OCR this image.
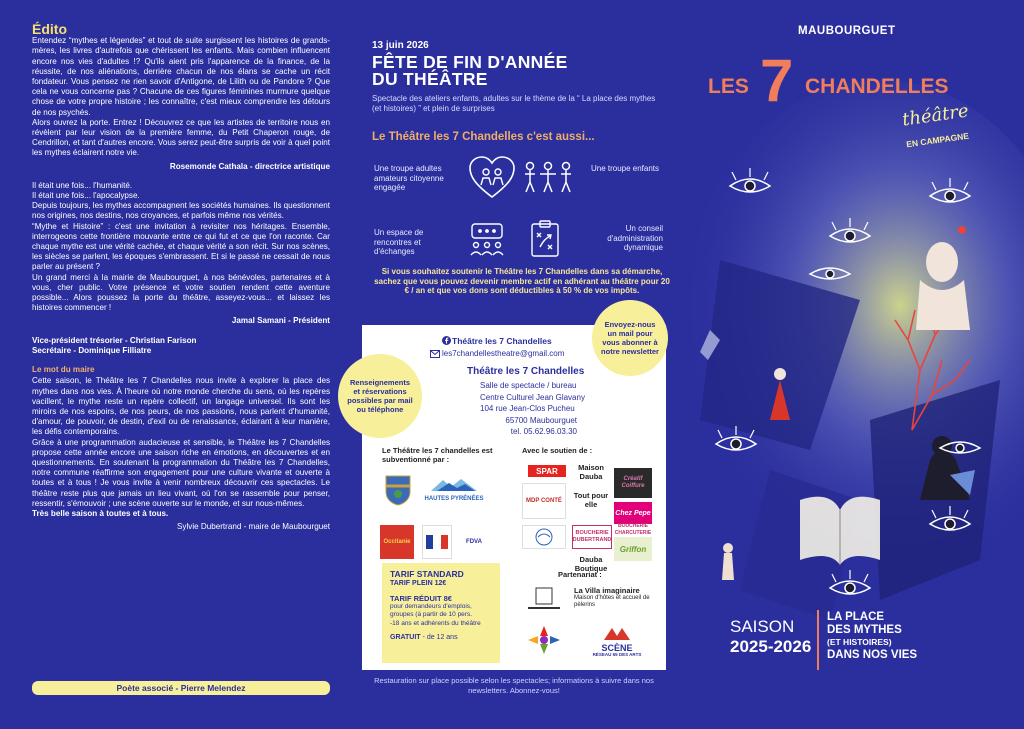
Édito

Entendez “mythes et légendes” et tout de suite surgissent les histoires de grands-mères, les livres d'autrefois que chérissent les enfants. Mais combien influencent encore nos vies d'adultes !? Qu'ils aient pris l'apparence de la finance, de la réussite, de nos aliénations, derrière chacun de nos élans se cache un récit fondateur. Vous pensez ne rien savoir d'Antigone, de Lilith ou de Pandore ? Que cela ne vous concerne pas ? Chacune de ces figures féminines murmure quelque chose de votre propre histoire ; les connaître, c'est mieux comprendre les détours de nos psychés.

Alors ouvrez la porte. Entrez ! Découvrez ce que les artistes de territoire nous en révèlent par leur vision de la première femme, du Petit Chaperon rouge, de Cendrillon, et tant d'autres encore. Vous serez peut-être surpris de voir à quel point les mythes éclairent notre vie.

Rosemonde Cathala - directrice artistique

Il était une fois... l'humanité.

Il était une fois... l'apocalypse.

Depuis toujours, les mythes accompagnent les sociétés humaines. Ils questionnent nos origines, nos destins, nos croyances, et parfois même nos vérités.

“Mythe et Histoire” : c'est une invitation à revisiter nos héritages. Ensemble, interrogeons cette frontière mouvante entre ce qui fut et ce que l'on raconte. Car chaque mythe est une vérité cachée, et chaque vérité a son récit. Sur nos scènes, les siècles se parlent, les époques s'embrassent. Et si le passé ne cessait de nous parler au présent ?

Un grand merci à la mairie de Maubourguet, à nos bénévoles, partenaires et à vous, cher public. Votre présence et votre soutien rendent cette aventure possible... Alors poussez la porte du théâtre, asseyez-vous... et laissez les histoires commencer !

Jamal Samani - Président
Vice-président trésorier - Christian Farison
Secrétaire - Dominique Filliatre
Le mot du maire

Cette saison, le Théâtre les 7 Chandelles nous invite à explorer la place des mythes dans nos vies. À l'heure où notre monde cherche du sens, où les repères vacillent, le mythe reste un repère collectif, un langage universel. Ils sont les miroirs de nos espoirs, de nos peurs, de nos passions, nous parlent d'humanité, d'amour, de pouvoir, de destin, d'exil ou de renaissance, éclairant à leur manière, les défis contemporains.

Grâce à une programmation audacieuse et sensible, le Théâtre les 7 Chandelles propose cette année encore une saison riche en émotions, en découvertes et en questionnements. En soutenant la programmation du Théâtre les 7 Chandelles, notre commune réaffirme son engagement pour une culture vivante et ouverte à toutes et à tous ! Je vous invite à venir nombreux découvrir ces spectacles. Le théâtre reste plus que jamais un lieu vivant, où l'on se rassemble pour penser, ressentir, s'émouvoir ; une scène ouverte sur le monde, et sur nous-mêmes.

Très belle saison à toutes et à tous.
Sylvie Dubertrand - maire de Maubourguet
Poète associé - Pierre Melendez
13 juin 2026
FÊTE DE FIN D'ANNÉE
DU THÉÂTRE
Spectacle des ateliers enfants, adultes sur le thème de la “ La place des mythes (et histoires) ” et plein de surprises
Le Théâtre les 7 Chandelles c'est aussi...
Une troupe adultes amateurs citoyenne engagée
Une troupe enfants
Un espace de rencontres et d'échanges
Un conseil d'administration dynamique
Si vous souhaitez soutenir le Théâtre les 7 Chandelles dans sa démarche, sachez que vous pouvez devenir membre actif en adhérant au théâtre pour 20 € / an et que vos dons sont déductibles à 50 % de vos impôts.
Théâtre les 7 Chandelles
les7chandellestheatre@gmail.com
Théâtre les 7 Chandelles
Salle de spectacle / bureau
Centre Culturel Jean Glavany
104 rue Jean-Clos Pucheu
65700 Maubourguet
tel. 05.62.96.03.30
Le Théâtre les 7 chandelles est subventionné par :
Avec le soutien de :
HAUTES PYRÉNÉES
Occitanie	FDVA
SPAR	Maison Dauba
MDP CONTÉ
Tout pour elle
Créatif Coiffure
Chez Pepe
BOUCHERIE CHARCUTERIE
BOUCHERIE DUBERTRAND
Dauba Boutique
Griffon
Partenariat :
La Villa imaginaire
Maison d'hôtes et accueil de pèlerins
SCÈNE
RÉSEAU 65 DES ARTS
TARIF STANDARD
TARIF PLEIN 12€
TARIF RÉDUIT 8€
pour demandeurs d'emplois, groupes (à partir de 10 pers.
-18 ans et adhérents du théâtre
GRATUIT - de 12 ans
Renseignements et réservations possibles par mail ou téléphone
Envoyez-nous un mail pour vous abonner à notre newsletter
Restauration sur place possible selon les spectacles; informations à suivre dans nos newsletters. Abonnez-vous!
MAUBOURGUET
LES 7 CHANDELLES
théâtre
EN CAMPAGNE
SAISON
2025-2026
LA PLACE
DES MYTHES
(ET HISTOIRES)
DANS NOS VIES
